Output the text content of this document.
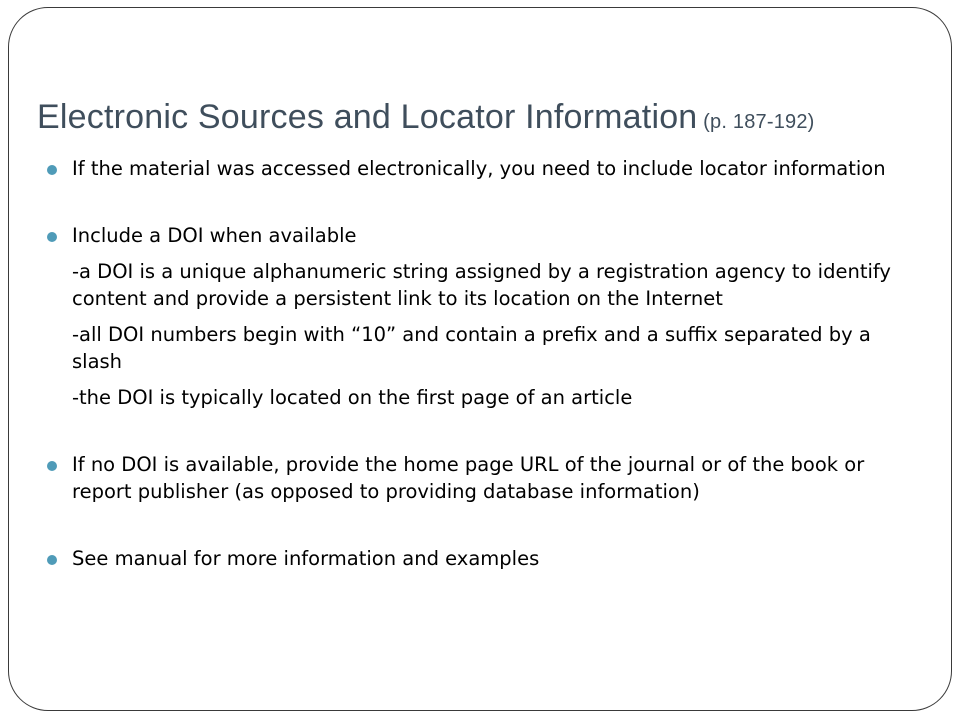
Electronic Sources and Locator Information (p. 187-192)
If the material was accessed electronically, you need to include locator information
Include a DOI when available
-a DOI is a unique alphanumeric string assigned by a registration agency to identify content and provide a persistent link to its location on the Internet
-all DOI numbers begin with “10” and contain a prefix and a suffix separated by a slash
-the DOI is typically located on the first page of an article
If no DOI is available, provide the home page URL of the journal or of the book or report publisher (as opposed to providing database information)
See manual for more information and examples
